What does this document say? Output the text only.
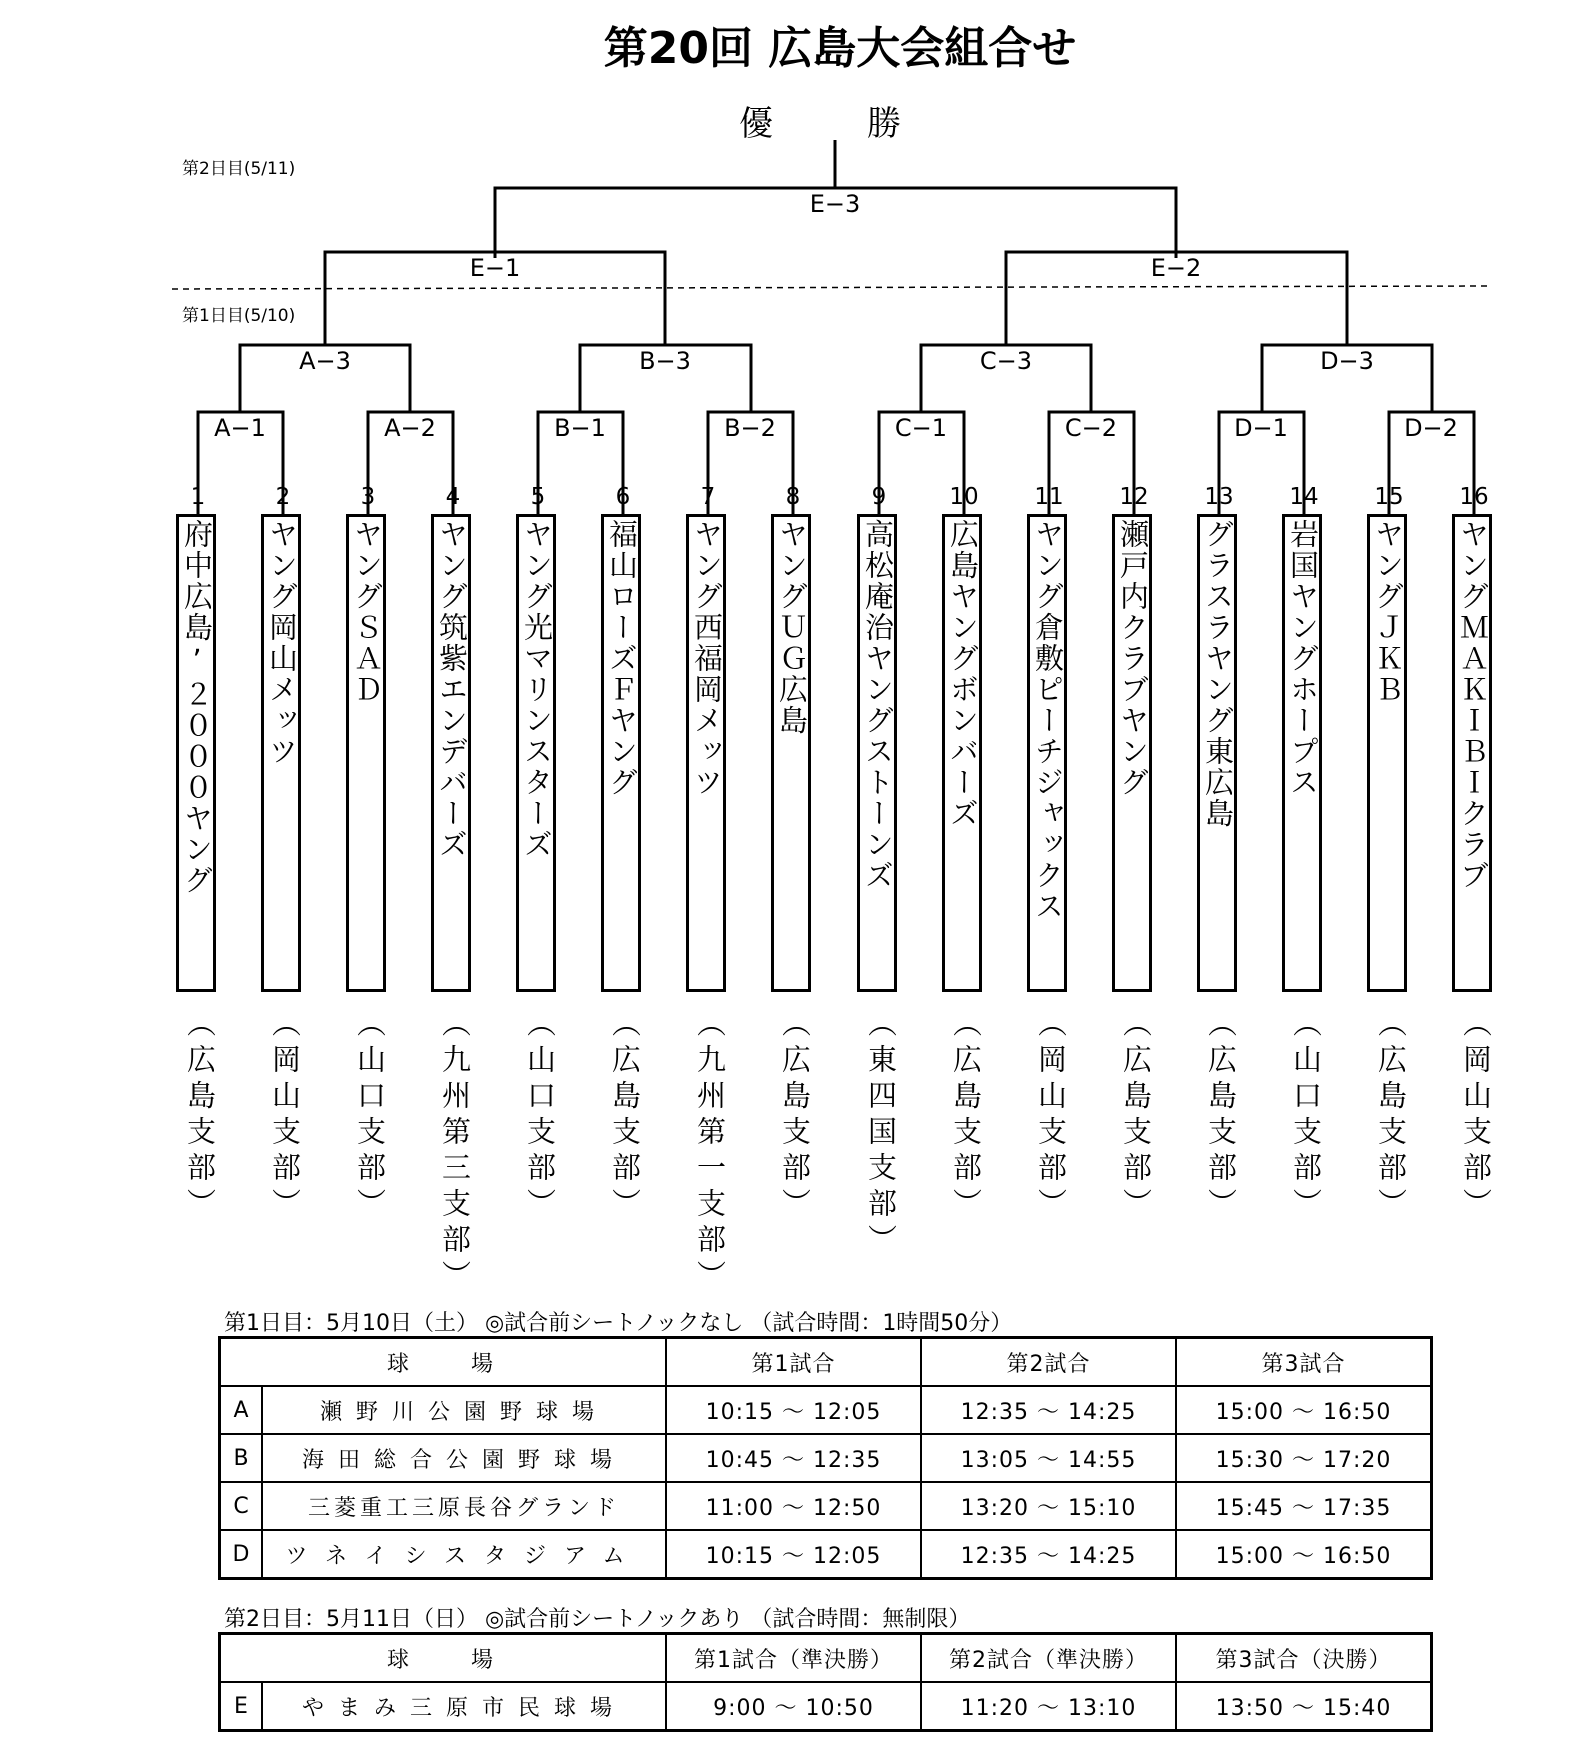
第20回 広島大会組合せ
優　勝
第2日目(5/11)
第1日目(5/10)
E−3
E−1	E−2
A−3	B−3	C−3	D−3
A−1	A−2	B−1	B−2	C−1	C−2	D−1	D−2
1
府中広島’２０００ヤング
（広島支部）
2
ヤング岡山メッツ
（岡山支部）
3
ヤングＳＡＤ
（山口支部）
4
ヤング筑紫エンデバーズ
（九州第三支部）
5
ヤング光マリンスターズ
（山口支部）
6
福山ローズＦヤング
（広島支部）
7
ヤング西福岡メッツ
（九州第一支部）
8
ヤングＵＧ広島
（広島支部）
9
高松庵治ヤングストーンズ
（東四国支部）
10
広島ヤングボンバーズ
（広島支部）
11
ヤング倉敷ピーチジャックス
（岡山支部）
12
瀬戸内クラブヤング
（広島支部）
13
グラスラヤング東広島
（広島支部）
14
岩国ヤングホープス
（山口支部）
15
ヤングＪＫＢ
（広島支部）
16
ヤングＭＡＫＩＢＩクラブ
（岡山支部）
第1日目：5月10日（土） ◎試合前シートノックなし （試合時間：1時間50分）
球　　場		第1試合	第2試合	第3試合
A	瀬野川公園野球場	10:15 〜 12:05	12:35 〜 14:25	15:00 〜 16:50
B	海田総合公園野球場	10:45 〜 12:35	13:05 〜 14:55	15:30 〜 17:20
C	三菱重工三原長谷グランド	11:00 〜 12:50	13:20 〜 15:10	15:45 〜 17:35
D	ツネイシスタジアム	10:15 〜 12:05	12:35 〜 14:25	15:00 〜 16:50
第2日目：5月11日（日） ◎試合前シートノックあり （試合時間：無制限）
球　　場		第1試合（準決勝）	第2試合（準決勝）	第3試合（決勝）
E	やまみ三原市民球場	9:00 〜 10:50	11:20 〜 13:10	13:50 〜 15:40
